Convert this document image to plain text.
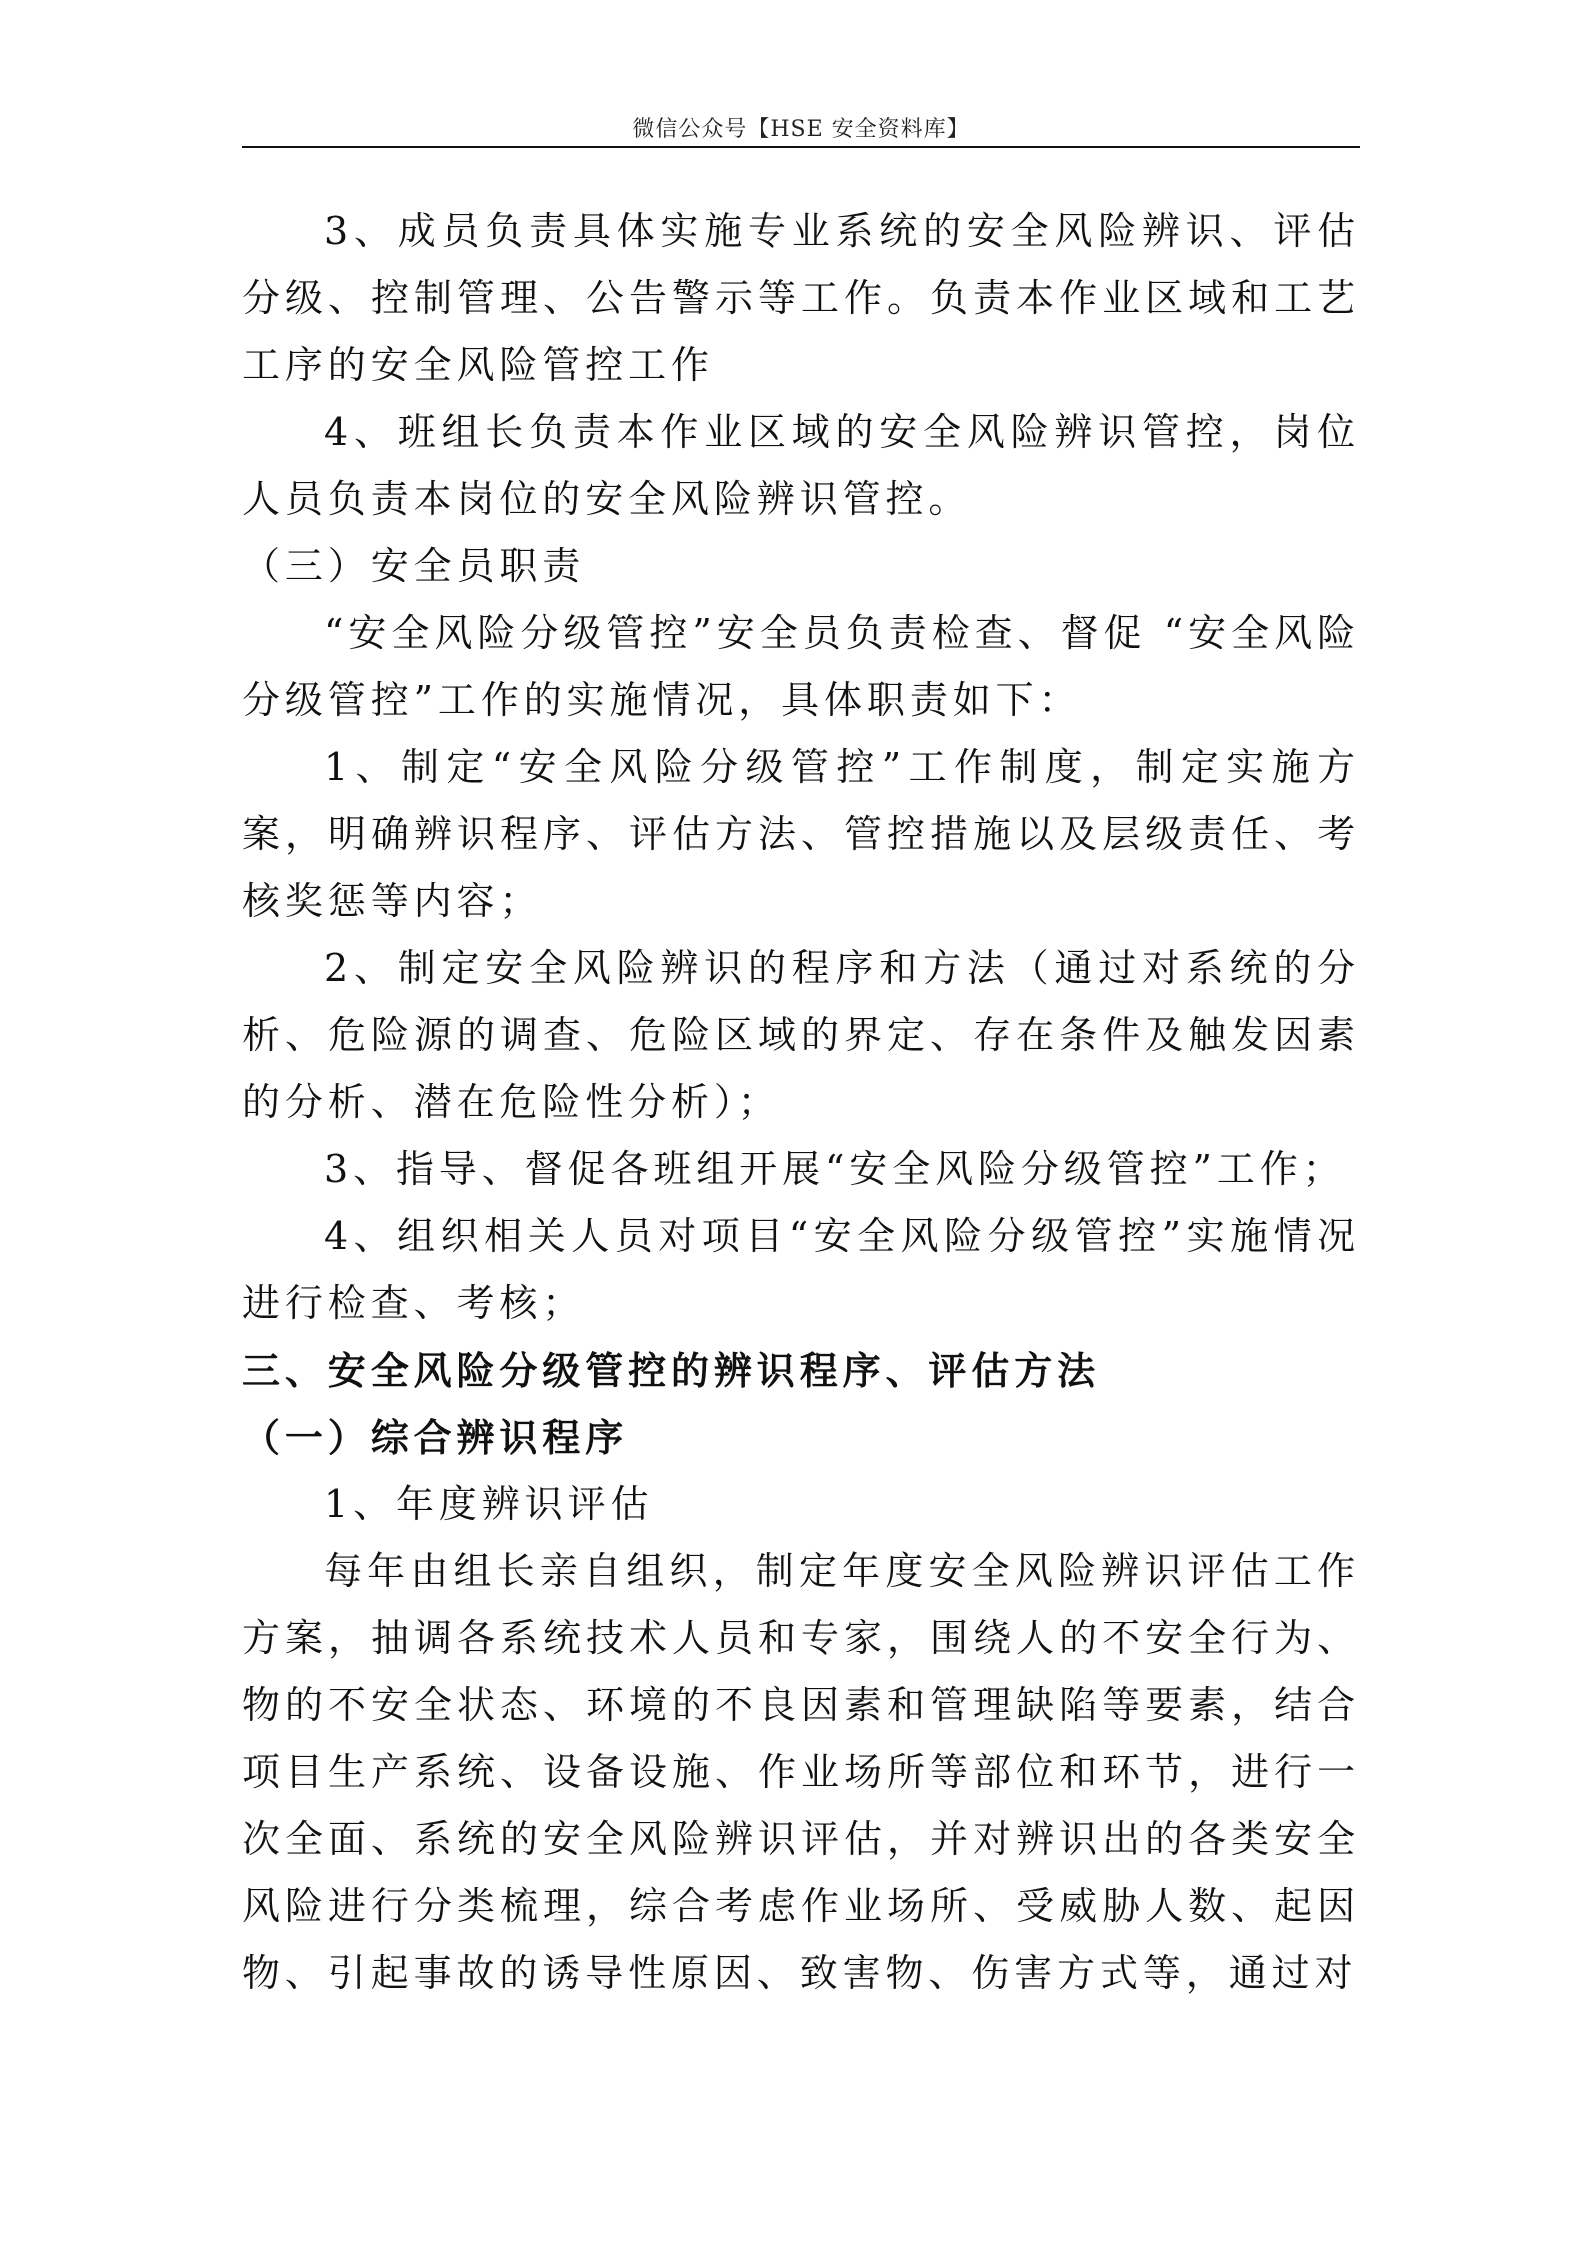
微信公众号【HSE 安全资料库】

3、成员负责具体实施专业系统的安全风险辨识、评估分级、控制管理、公告警示等工作。负责本作业区域和工艺工序的安全风险管控工作

4、班组长负责本作业区域的安全风险辨识管控，岗位人员负责本岗位的安全风险辨识管控。

（三）安全员职责

“安全风险分级管控”安全员负责检查、督促 “安全风险分级管控”工作的实施情况，具体职责如下：

1、制定“安全风险分级管控”工作制度，制定实施方案，明确辨识程序、评估方法、管控措施以及层级责任、考核奖惩等内容；

2、制定安全风险辨识的程序和方法（通过对系统的分析、危险源的调查、危险区域的界定、存在条件及触发因素的分析、潜在危险性分析）；

3、指导、督促各班组开展“安全风险分级管控”工作；

4、组织相关人员对项目“安全风险分级管控”实施情况进行检查、考核；

三、安全风险分级管控的辨识程序、评估方法

（一）综合辨识程序

1、年度辨识评估

每年由组长亲自组织，制定年度安全风险辨识评估工作方案，抽调各系统技术人员和专家，围绕人的不安全行为、物的不安全状态、环境的不良因素和管理缺陷等要素，结合项目生产系统、设备设施、作业场所等部位和环节，进行一次全面、系统的安全风险辨识评估，并对辨识出的各类安全风险进行分类梳理，综合考虑作业场所、受威胁人数、起因物、引起事故的诱导性原因、致害物、伤害方式等，通过对
